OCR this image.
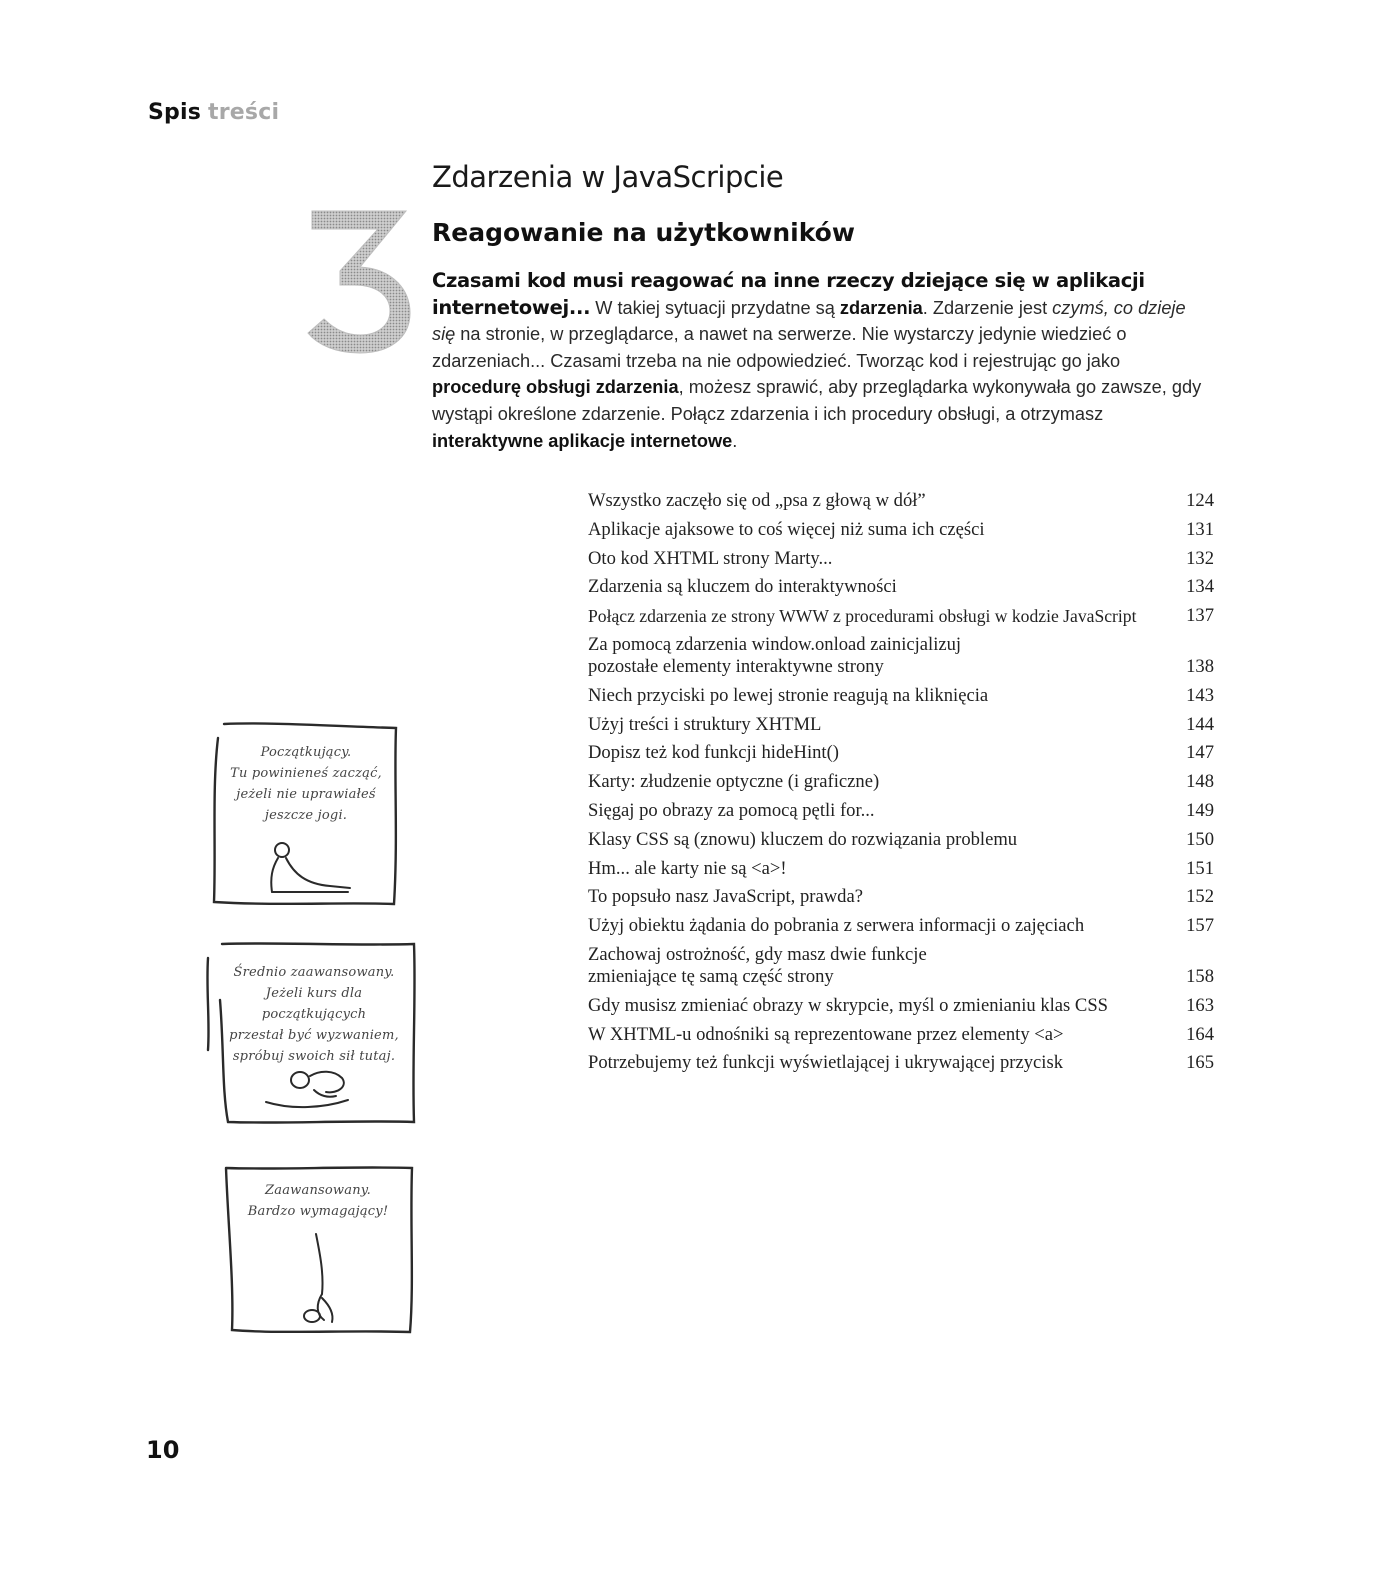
Spis treści
Zdarzenia w JavaScripcie
Reagowanie na użytkowników
Czasami kod musi reagować na inne rzeczy dziejące się w aplikacji internetowej... W takiej sytuacji przydatne są zdarzenia. Zdarzenie jest czymś, co dzieje się na stronie, w przeglądarce, a nawet na serwerze. Nie wystarczy jedynie wiedzieć o zdarzeniach... Czasami trzeba na nie odpowiedzieć. Tworząc kod i rejestrując go jako procedurę obsługi zdarzenia, możesz sprawić, aby przeglądarka wykonywała go zawsze, gdy wystąpi określone zdarzenie. Połącz zdarzenia i ich procedury obsługi, a otrzymasz interaktywne aplikacje internetowe.
Wszystko zaczęło się od „psa z głową w dół”	124
Aplikacje ajaksowe to coś więcej niż suma ich części	131
Oto kod XHTML strony Marty...	132
Zdarzenia są kluczem do interaktywności	134
Połącz zdarzenia ze strony WWW z procedurami obsługi w kodzie JavaScript	137
Za pomocą zdarzenia window.onload zainicjalizuj
pozostałe elementy interaktywne strony	138
Niech przyciski po lewej stronie reagują na kliknięcia	143
Użyj treści i struktury XHTML	144
Dopisz też kod funkcji hideHint()	147
Karty: złudzenie optyczne (i graficzne)	148
Sięgaj po obrazy za pomocą pętli for...	149
Klasy CSS są (znowu) kluczem do rozwiązania problemu	150
Hm... ale karty nie są <a>!	151
To popsuło nasz JavaScript, prawda?	152
Użyj obiektu żądania do pobrania z serwera informacji o zajęciach	157
Zachowaj ostrożność, gdy masz dwie funkcje
zmieniające tę samą część strony	158
Gdy musisz zmieniać obrazy w skrypcie, myśl o zmienianiu klas CSS	163
W XHTML-u odnośniki są reprezentowane przez elementy <a>	164
Potrzebujemy też funkcji wyświetlającej i ukrywającej przycisk	165
Początkujący.
Tu powinieneś zacząć,
jeżeli nie uprawiałeś
jeszcze jogi.
Średnio zaawansowany.
Jeżeli kurs dla początkujących
przestał być wyzwaniem,
spróbuj swoich sił tutaj.
Zaawansowany.
Bardzo wymagający!
10
